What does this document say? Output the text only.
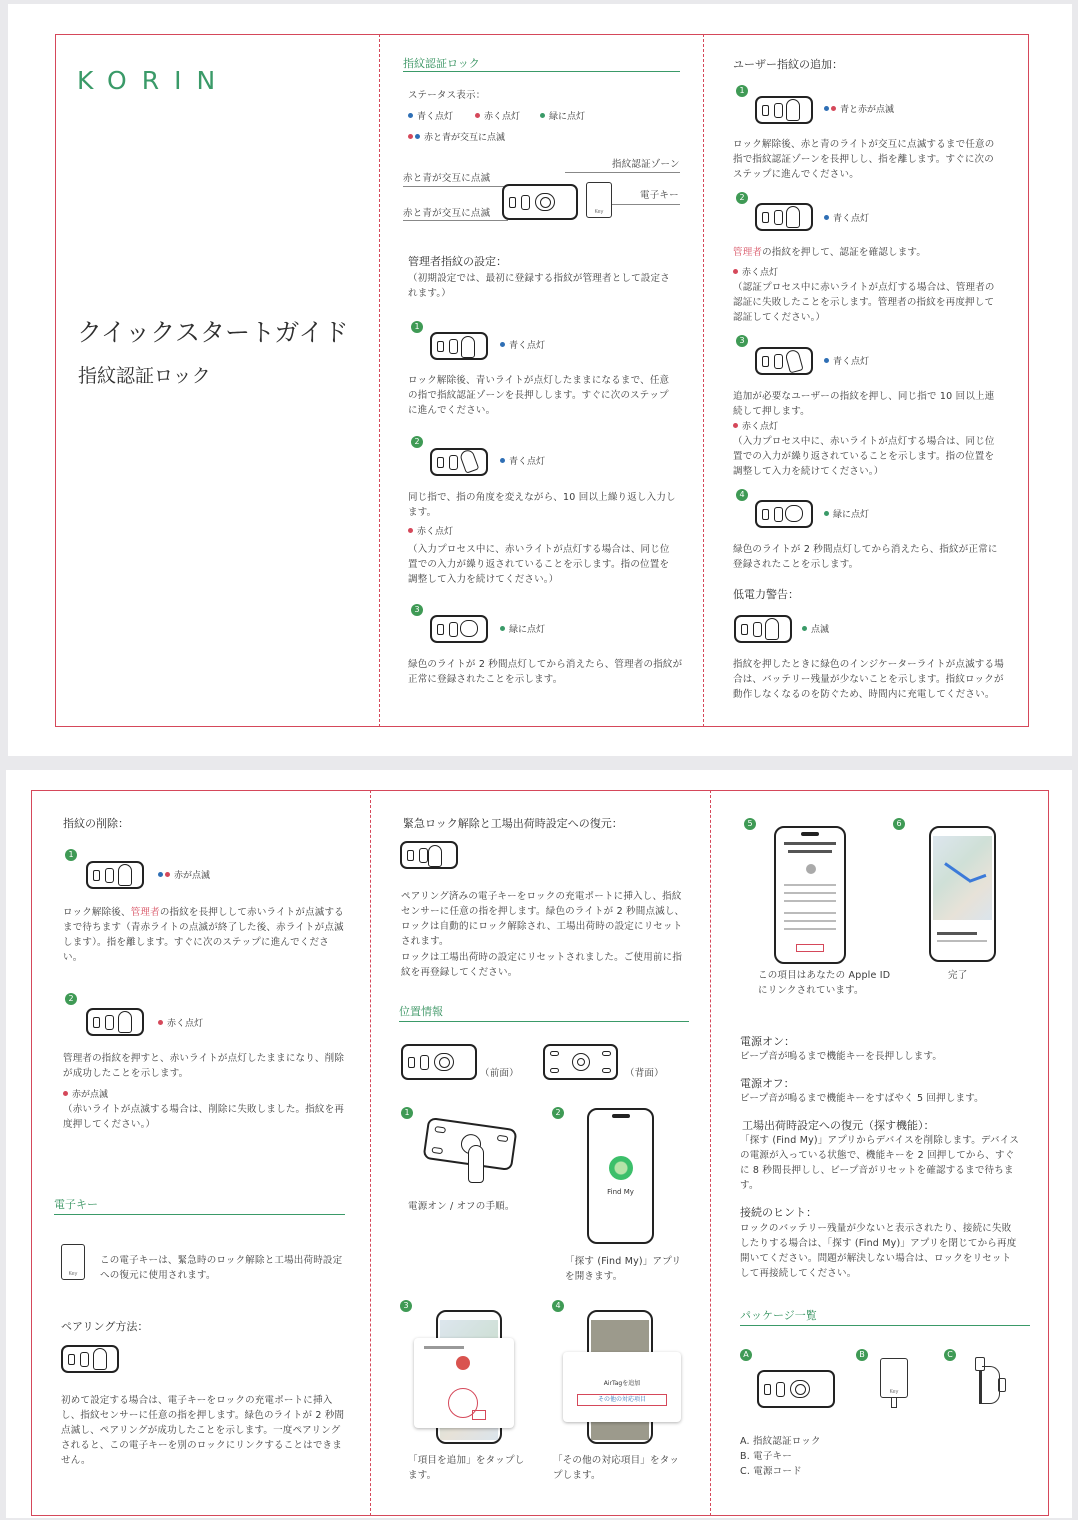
KORIN
クイックスタートガイド
指紋認証ロック
指紋認証ロック
ステータス表示：
青く点灯	赤く点灯	緑に点灯
赤と青が交互に点滅
赤と青が交互に点滅
赤と青が交互に点滅
指紋認証ゾーン
電子キー
Key
管理者指紋の設定：
（初期設定では、最初に登録する指紋が管理者として設定されます。）
1
青く点灯
ロック解除後、青いライトが点灯したままになるまで、任意の指で指紋認証ゾーンを長押しします。すぐに次のステップに進んでください。
2
青く点灯
同じ指で、指の角度を変えながら、10 回以上繰り返し入力します。
赤く点灯
（入力プロセス中に、赤いライトが点灯する場合は、同じ位置での入力が繰り返されていることを示します。指の位置を調整して入力を続けてください。）
3
緑に点灯
緑色のライトが 2 秒間点灯してから消えたら、管理者の指紋が正常に登録されたことを示します。
ユーザー指紋の追加：
1
青と赤が点滅
ロック解除後、赤と青のライトが交互に点滅するまで任意の指で指紋認証ゾーンを長押しし、指を離します。すぐに次のステップに進んでください。
2
青く点灯
管理者の指紋を押して、認証を確認します。
赤く点灯
（認証プロセス中に赤いライトが点灯する場合は、管理者の認証に失敗したことを示します。管理者の指紋を再度押して認証してください。）
3
青く点灯
追加が必要なユーザーの指紋を押し、同じ指で 10 回以上連続して押します。
赤く点灯
（入力プロセス中に、赤いライトが点灯する場合は、同じ位置での入力が繰り返されていることを示します。指の位置を調整して入力を続けてください。）
4
緑に点灯
緑色のライトが 2 秒間点灯してから消えたら、指紋が正常に登録されたことを示します。
低電力警告：
点滅
指紋を押したときに緑色のインジケーターライトが点滅する場合は、バッテリー残量が少ないことを示します。指紋ロックが動作しなくなるのを防ぐため、時間内に充電してください。
指紋の削除：
1
赤が点滅
ロック解除後、管理者の指紋を長押しして赤いライトが点滅するまで待ちます（青赤ライトの点滅が終了した後、赤ライトが点滅します）。指を離します。すぐに次のステップに進んでください。
2
赤く点灯
管理者の指紋を押すと、赤いライトが点灯したままになり、削除が成功したことを示します。
赤が点滅
（赤いライトが点滅する場合は、削除に失敗しました。指紋を再度押してください。）
電子キー
Key
この電子キーは、緊急時のロック解除と工場出荷時設定への復元に使用されます。
ペアリング方法：
初めて設定する場合は、電子キーをロックの充電ポートに挿入し、指紋センサーに任意の指を押します。緑色のライトが 2 秒間点滅し、ペアリングが成功したことを示します。一度ペアリングされると、この電子キーを別のロックにリンクすることはできません。
緊急ロック解除と工場出荷時設定への復元：
ペアリング済みの電子キーをロックの充電ポートに挿入し、指紋センサーに任意の指を押します。緑色のライトが 2 秒間点滅し、ロックは自動的にロック解除され、工場出荷時の設定にリセットされます。
ロックは工場出荷時の設定にリセットされました。ご使用前に指紋を再登録してください。
位置情報
（前面）	（背面）
1
電源オン / オフの手順。
2
Find My
「探す (Find My)」アプリを開きます。
3
「項目を追加」をタップします。
4
AirTagを追加
その他の対応項目
「その他の対応項目」をタップします。
5
この項目はあなたの Apple ID にリンクされています。
6
完了
電源オン：
ビープ音が鳴るまで機能キーを長押しします。
電源オフ：
ビープ音が鳴るまで機能キーをすばやく 5 回押します。
工場出荷時設定への復元（探す機能）：
「探す (Find My)」アプリからデバイスを削除します。デバイスの電源が入っている状態で、機能キーを 2 回押してから、すぐに 8 秒間長押しし、ビープ音がリセットを確認するまで待ちます。
接続のヒント：
ロックのバッテリー残量が少ないと表示されたり、接続に失敗したりする場合は、「探す (Find My)」アプリを閉じてから再度開いてください。問題が解決しない場合は、ロックをリセットして再接続してください。
パッケージ一覧
A	B
Key
C
A. 指紋認証ロック
B. 電子キー
C. 電源コード
